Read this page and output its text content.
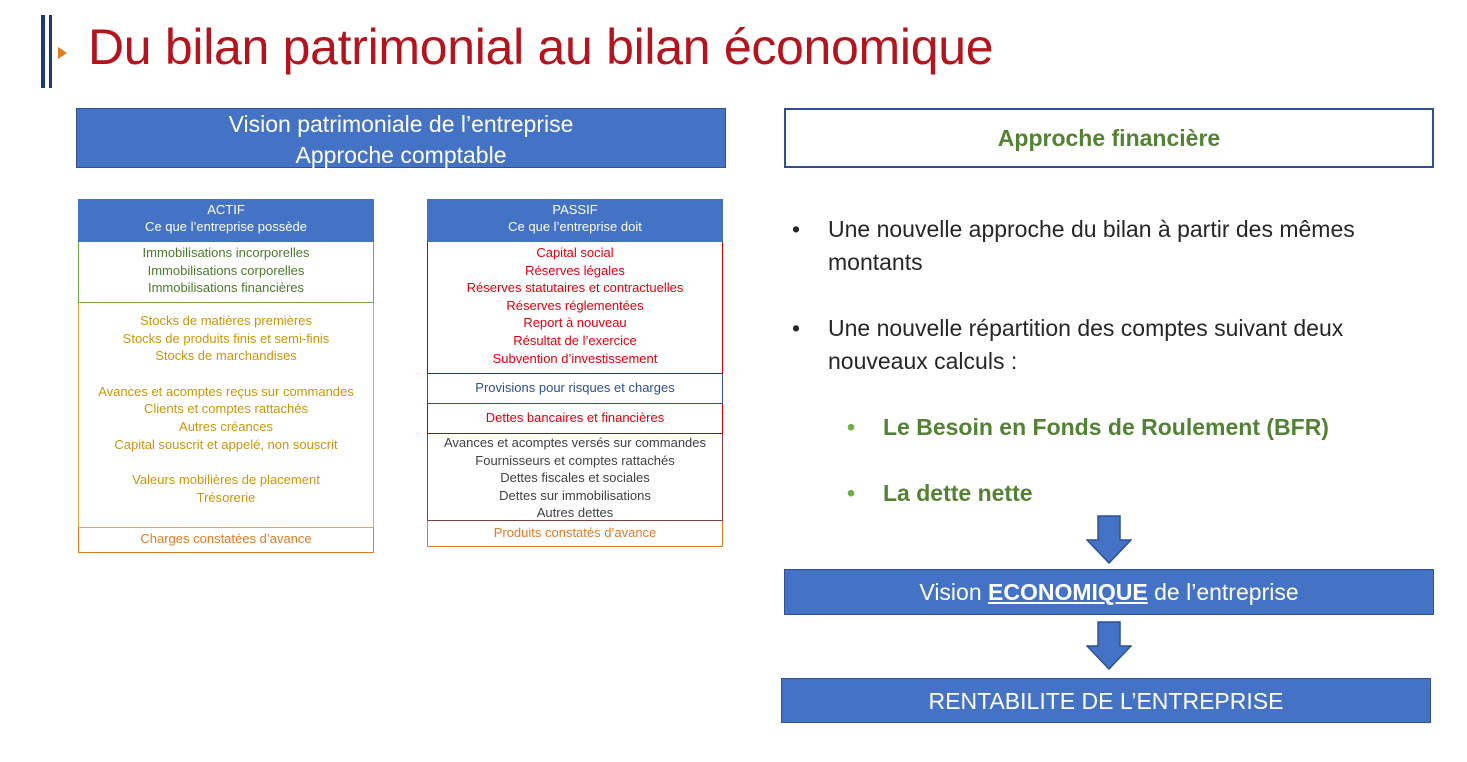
Du bilan patrimonial au bilan économique
Vision patrimoniale de l’entreprise
Approche comptable
ACTIF
Ce que l’entreprise possède
Immobilisations incorporelles
Immobilisations corporelles
Immobilisations financières
Stocks de matières premières
Stocks de produits finis et semi-finis
Stocks de marchandises
Avances et acomptes reçus sur commandes
Clients et comptes rattachés
Autres créances
Capital souscrit et appelé, non souscrit
Valeurs mobilières de placement
Trésorerie
Charges constatées d’avance
PASSIF
Ce que l’entreprise doit
Capital social
Réserves légales
Réserves statutaires et contractuelles
Réserves réglementées
Report à nouveau
Résultat de l’exercice
Subvention d’investissement
Provisions pour risques et charges
Dettes bancaires et financières
Avances et acomptes versés sur commandes
Fournisseurs et comptes rattachés
Dettes fiscales et sociales
Dettes sur immobilisations
Autres dettes
Produits constatés d’avance
Approche financière
• Une nouvelle approche du bilan à partir des mêmes montants
• Une nouvelle répartition des comptes suivant deux nouveaux calculs :
• Le Besoin en Fonds de Roulement (BFR)
• La dette nette
Vision ECONOMIQUE de l’entreprise
RENTABILITE DE L’ENTREPRISE
